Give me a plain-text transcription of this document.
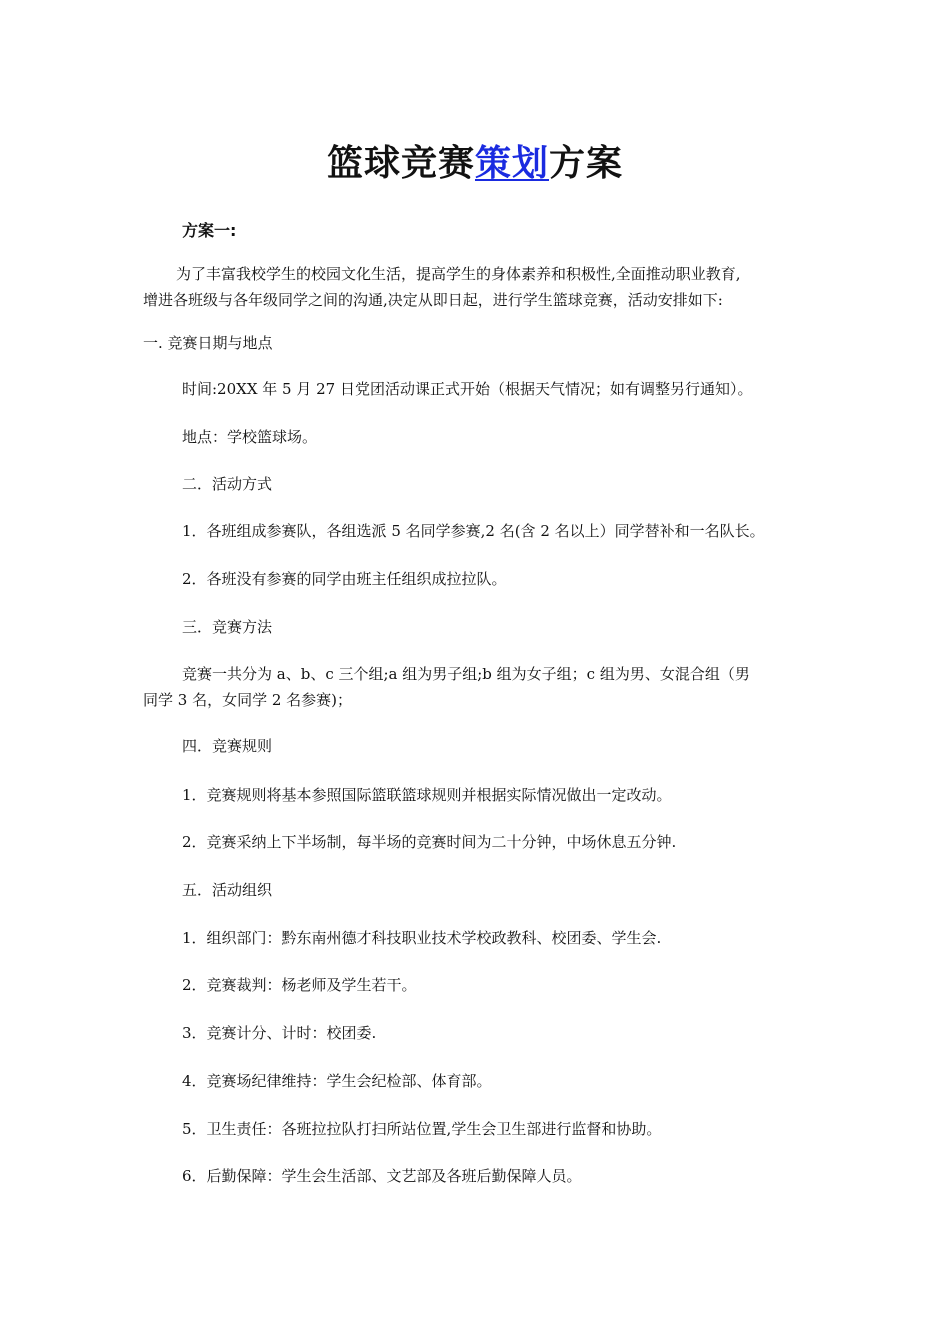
篮球竞赛策划方案
方案一:
为了丰富我校学生的校园文化生活，提高学生的身体素养和积极性,全面推动职业教育,
增进各班级与各年级同学之间的沟通,决定从即日起，进行学生篮球竞赛，活动安排如下:
一. 竞赛日期与地点
时间:20XX 年 5 月 27 日党团活动课正式开始（根据天气情况；如有调整另行通知）。
地点：学校篮球场。
二．活动方式
1．各班组成参赛队，各组选派 5 名同学参赛,2 名(含 2 名以上）同学替补和一名队长。
2．各班没有参赛的同学由班主任组织成拉拉队。
三．竞赛方法
竞赛一共分为 a、b、c 三个组;a 组为男子组;b 组为女子组；c 组为男、女混合组（男
同学 3 名，女同学 2 名参赛)；
四．竞赛规则
1．竞赛规则将基本参照国际篮联篮球规则并根据实际情况做出一定改动。
2．竞赛采纳上下半场制，每半场的竞赛时间为二十分钟，中场休息五分钟.
五．活动组织
1．组织部门：黔东南州德才科技职业技术学校政教科、校团委、学生会.
2．竞赛裁判：杨老师及学生若干。
3．竞赛计分、计时：校团委.
4．竞赛场纪律维持：学生会纪检部、体育部。
5．卫生责任：各班拉拉队打扫所站位置,学生会卫生部进行监督和协助。
6．后勤保障：学生会生活部、文艺部及各班后勤保障人员。
